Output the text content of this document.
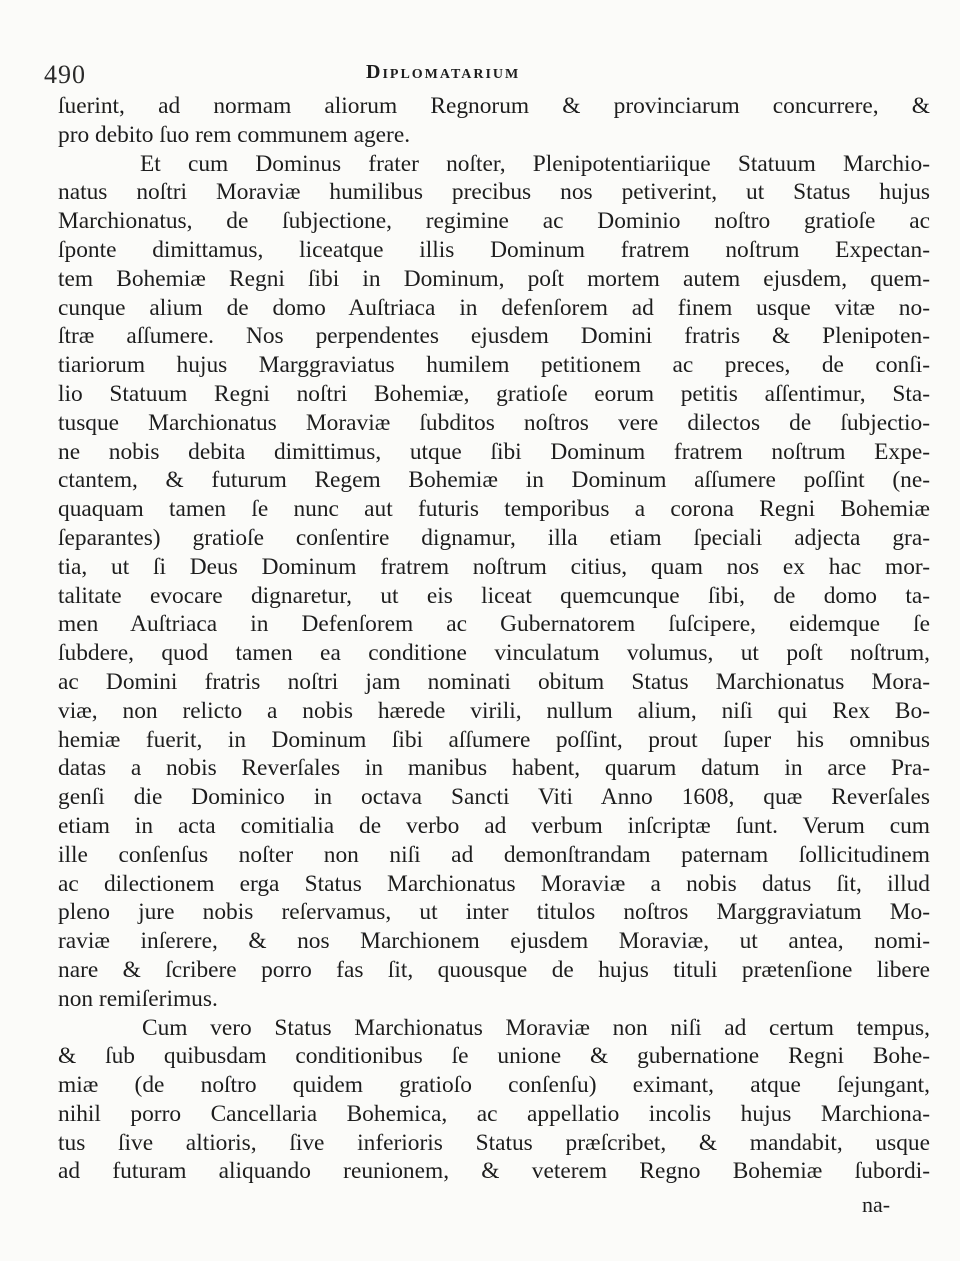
490	Diplomatarium
ſuerint, ad normam aliorum Regnorum & provinciarum concurrere, &
pro debito ſuo rem communem agere.
Et cum Dominus frater noſter, Plenipotentiariique Statuum Marchio-
natus noſtri Moraviæ humilibus precibus nos petiverint, ut Status hujus
Marchionatus, de ſubjectione, regimine ac Dominio noſtro gratioſe ac
ſponte dimittamus, liceatque illis Dominum fratrem noſtrum Expectan-
tem Bohemiæ Regni ſibi in Dominum, poſt mortem autem ejusdem, quem-
cunque alium de domo Auſtriaca in defenſorem ad finem usque vitæ no-
ſtræ aſſumere. Nos perpendentes ejusdem Domini fratris & Plenipoten-
tiariorum hujus Marggraviatus humilem petitionem ac preces, de conſi-
lio Statuum Regni noſtri Bohemiæ, gratioſe eorum petitis aſſentimur, Sta-
tusque Marchionatus Moraviæ ſubditos noſtros vere dilectos de ſubjectio-
ne nobis debita dimittimus, utque ſibi Dominum fratrem noſtrum Expe-
ctantem, & futurum Regem Bohemiæ in Dominum aſſumere poſſint (ne-
quaquam tamen ſe nunc aut futuris temporibus a corona Regni Bohemiæ
ſeparantes) gratioſe conſentire dignamur, illa etiam ſpeciali adjecta gra-
tia, ut ſi Deus Dominum fratrem noſtrum citius, quam nos ex hac mor-
talitate evocare dignaretur, ut eis liceat quemcunque ſibi, de domo ta-
men Auſtriaca in Defenſorem ac Gubernatorem ſuſcipere, eidemque ſe
ſubdere, quod tamen ea conditione vinculatum volumus, ut poſt noſtrum,
ac Domini fratris noſtri jam nominati obitum Status Marchionatus Mora-
viæ, non relicto a nobis hærede virili, nullum alium, niſi qui Rex Bo-
hemiæ fuerit, in Dominum ſibi aſſumere poſſint, prout ſuper his omnibus
datas a nobis Reverſales in manibus habent, quarum datum in arce Pra-
genſi die Dominico in octava Sancti Viti Anno 1608, quæ Reverſales
etiam in acta comitialia de verbo ad verbum inſcriptæ ſunt. Verum cum
ille conſenſus noſter non niſi ad demonſtrandam paternam ſollicitudinem
ac dilectionem erga Status Marchionatus Moraviæ a nobis datus ſit, illud
pleno jure nobis reſervamus, ut inter titulos noſtros Marggraviatum Mo-
raviæ inſerere, & nos Marchionem ejusdem Moraviæ, ut antea, nomi-
nare & ſcribere porro fas ſit, quousque de hujus tituli prætenſione libere
non remiſerimus.
Cum vero Status Marchionatus Moraviæ non niſi ad certum tempus,
& ſub quibusdam conditionibus ſe unione & gubernatione Regni Bohe-
miæ (de noſtro quidem gratioſo conſenſu) eximant, atque ſejungant,
nihil porro Cancellaria Bohemica, ac appellatio incolis hujus Marchiona-
tus ſive altioris, ſive inferioris Status præſcribet, & mandabit, usque
ad futuram aliquando reunionem, & veterem Regno Bohemiæ ſubordi-
na-
